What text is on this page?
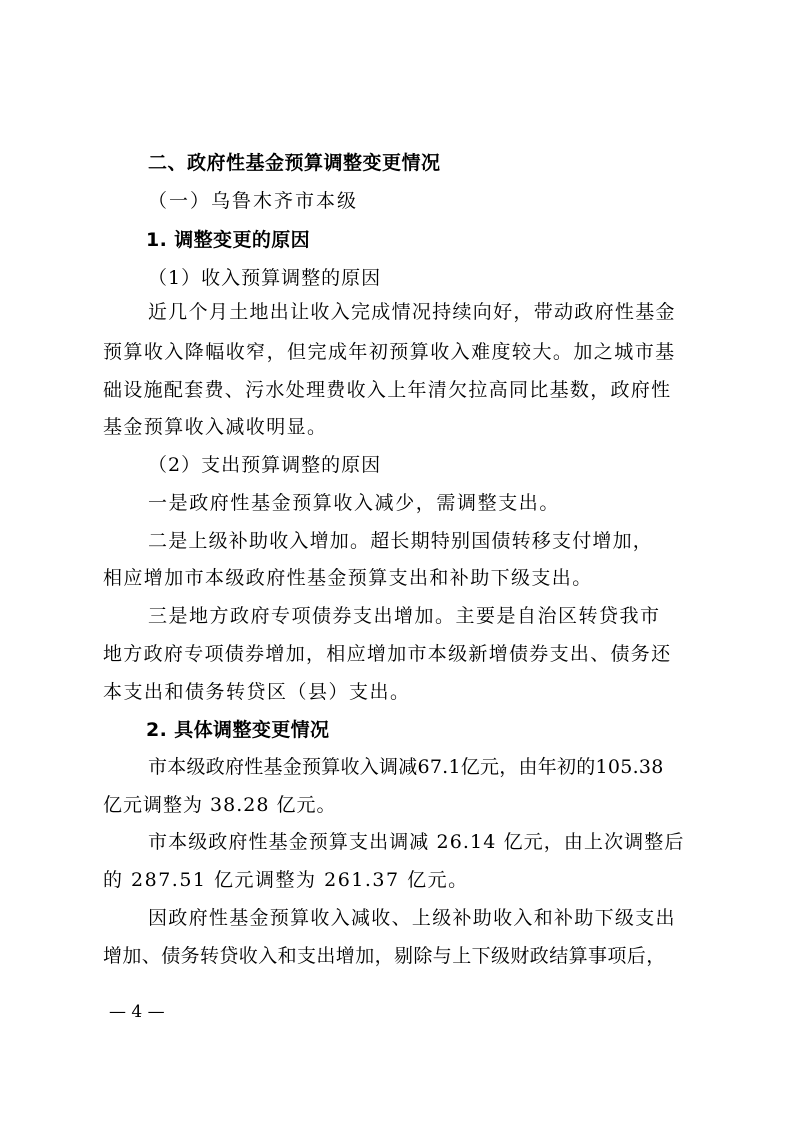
二、政府性基金预算调整变更情况

（一）乌鲁木齐市本级

1. 调整变更的原因

（1）收入预算调整的原因

近几个月土地出让收入完成情况持续向好，带动政府性基金

预算收入降幅收窄，但完成年初预算收入难度较大。加之城市基

础设施配套费、污水处理费收入上年清欠拉高同比基数，政府性

基金预算收入减收明显。

（2）支出预算调整的原因

一是政府性基金预算收入减少，需调整支出。

二是上级补助收入增加。超长期特别国债转移支付增加，

相应增加市本级政府性基金预算支出和补助下级支出。

三是地方政府专项债券支出增加。主要是自治区转贷我市

地方政府专项债券增加，相应增加市本级新增债券支出、债务还

本支出和债务转贷区（县）支出。

2. 具体调整变更情况

市本级政府性基金预算收入调减67.1亿元，由年初的105.38

亿元调整为 38.28 亿元。

市本级政府性基金预算支出调减 26.14 亿元，由上次调整后

的 287.51 亿元调整为 261.37 亿元。

因政府性基金预算收入减收、上级补助收入和补助下级支出

增加、债务转贷收入和支出增加，剔除与上下级财政结算事项后，

— 4 —
